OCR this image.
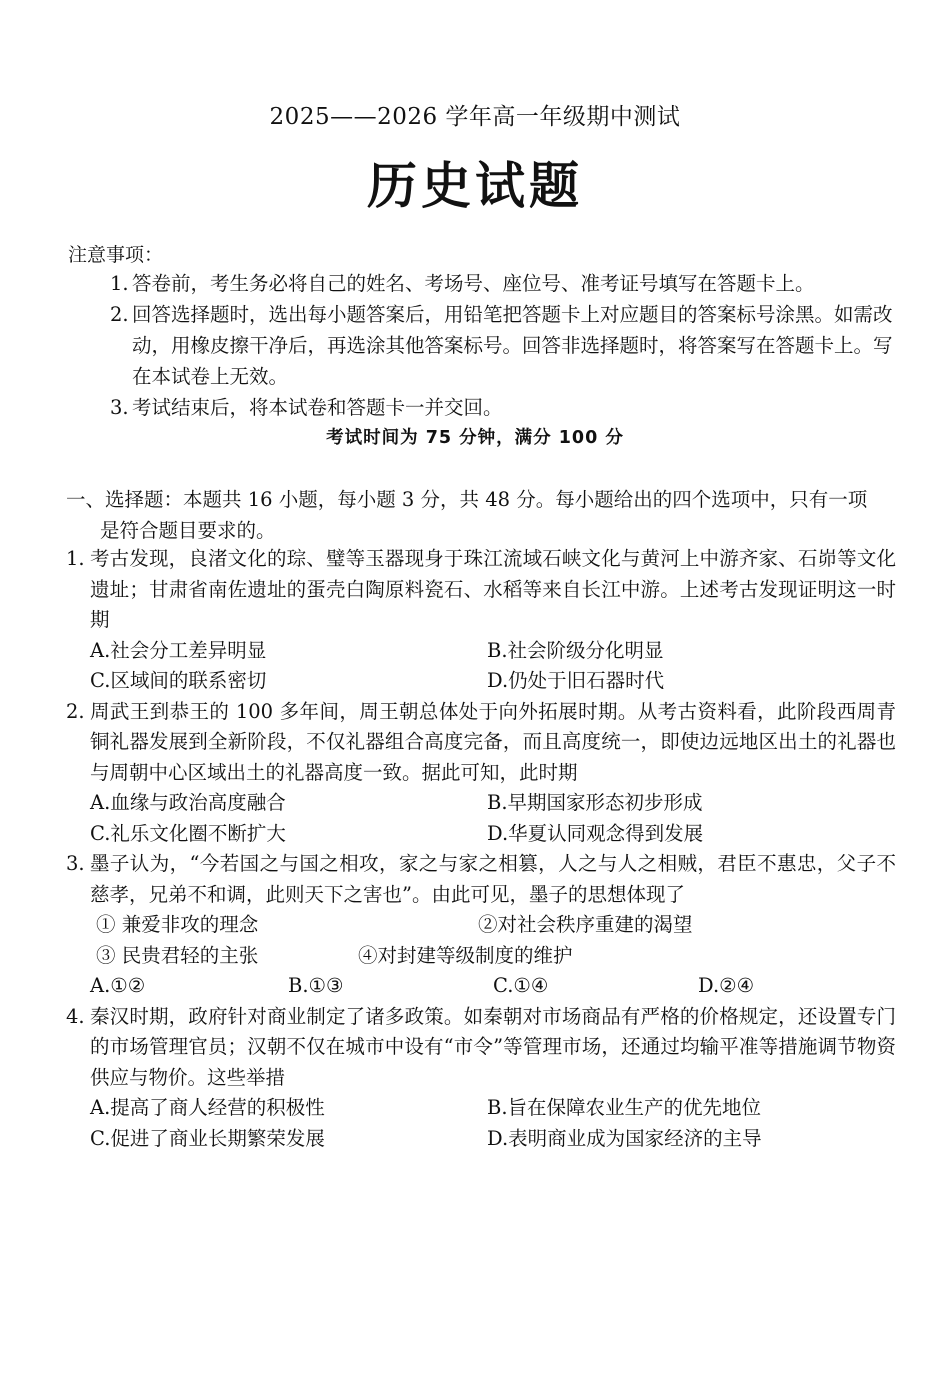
2025——2026 学年高一年级期中测试
历史试题
注意事项：
1. 答卷前，考生务必将自己的姓名、考场号、座位号、准考证号填写在答题卡上。
2. 回答选择题时，选出每小题答案后，用铅笔把答题卡上对应题目的答案标号涂黑。如需改动，用橡皮擦干净后，再选涂其他答案标号。回答非选择题时，将答案写在答题卡上。写在本试卷上无效。
3. 考试结束后，将本试卷和答题卡一并交回。
考试时间为 75 分钟，满分 100 分
一、选择题：本题共 16 小题，每小题 3 分，共 48 分。每小题给出的四个选项中，只有一项是符合题目要求的。
1. 考古发现，良渚文化的琮、璧等玉器现身于珠江流域石峡文化与黄河上中游齐家、石峁等文化遗址；甘肃省南佐遗址的蛋壳白陶原料瓷石、水稻等来自长江中游。上述考古发现证明这一时期
A.社会分工差异明显	B.社会阶级分化明显
C.区域间的联系密切	D.仍处于旧石器时代
2. 周武王到恭王的 100 多年间，周王朝总体处于向外拓展时期。从考古资料看，此阶段西周青铜礼器发展到全新阶段，不仅礼器组合高度完备，而且高度统一，即使边远地区出土的礼器也与周朝中心区域出土的礼器高度一致。据此可知，此时期
A.血缘与政治高度融合	B.早期国家形态初步形成
C.礼乐文化圈不断扩大	D.华夏认同观念得到发展
3. 墨子认为，“今若国之与国之相攻，家之与家之相篡，人之与人之相贼，君臣不惠忠，父子不慈孝，兄弟不和调，此则天下之害也”。由此可见，墨子的思想体现了
① 兼爱非攻的理念	②对社会秩序重建的渴望
③ 民贵君轻的主张	④对封建等级制度的维护
A.①②	B.①③	C.①④	D.②④
4. 秦汉时期，政府针对商业制定了诸多政策。如秦朝对市场商品有严格的价格规定，还设置专门的市场管理官员；汉朝不仅在城市中设有“市令”等管理市场，还通过均输平准等措施调节物资供应与物价。这些举措
A.提高了商人经营的积极性	B.旨在保障农业生产的优先地位
C.促进了商业长期繁荣发展	D.表明商业成为国家经济的主导
